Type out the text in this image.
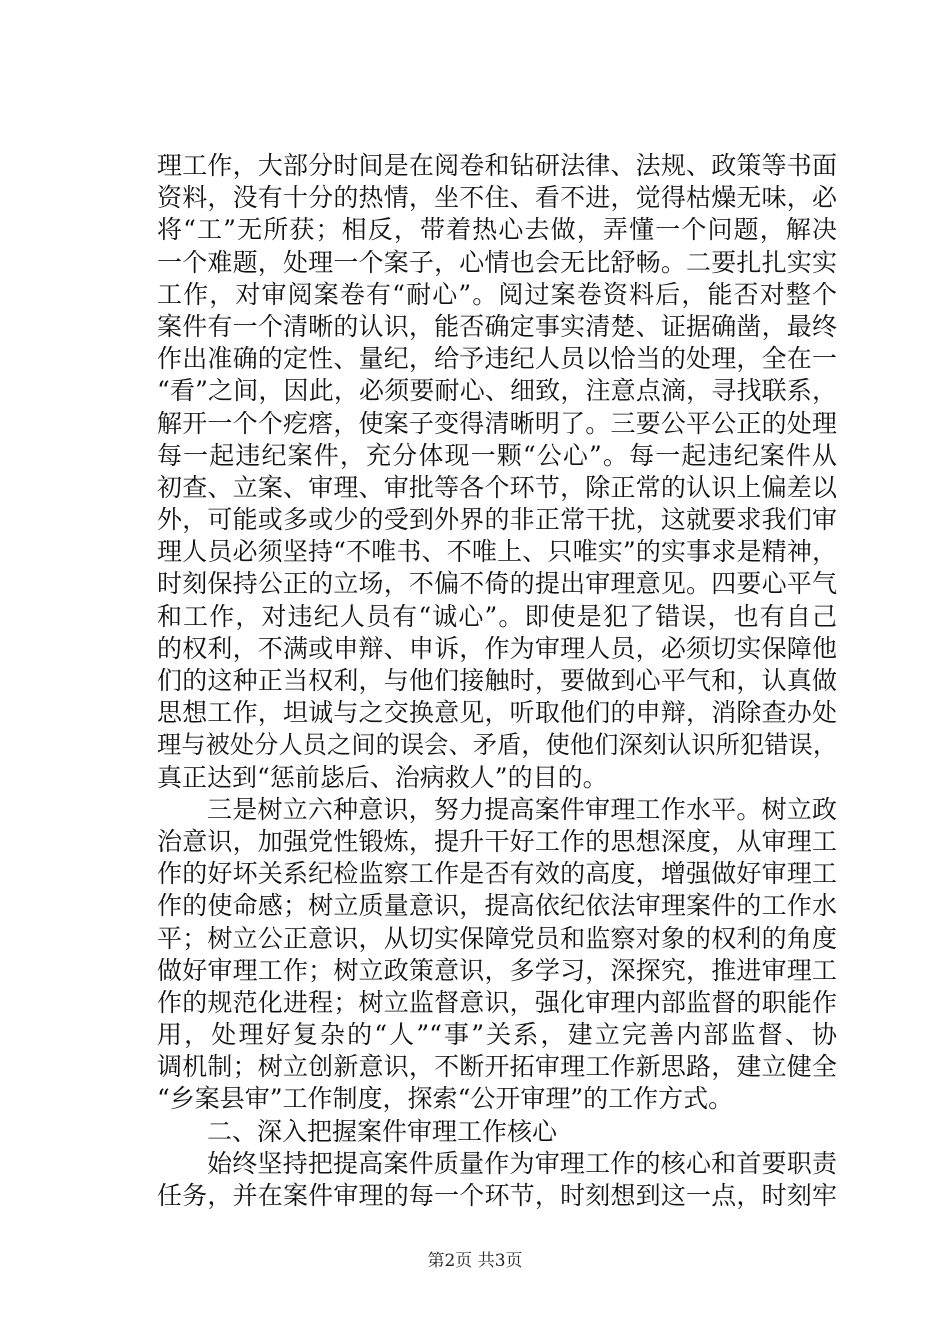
理工作，大部分时间是在阅卷和钻研法律、法规、政策等书面
资料，没有十分的热情，坐不住、看不进，觉得枯燥无味，必
将“工”无所获；相反，带着热心去做，弄懂一个问题，解决
一个难题，处理一个案子，心情也会无比舒畅。二要扎扎实实
工作，对审阅案卷有“耐心”。阅过案卷资料后，能否对整个
案件有一个清晰的认识，能否确定事实清楚、证据确凿，最终
作出准确的定性、量纪，给予违纪人员以恰当的处理，全在一
“看”之间，因此，必须要耐心、细致，注意点滴，寻找联系，
解开一个个疙瘩，使案子变得清晰明了。三要公平公正的处理
每一起违纪案件，充分体现一颗“公心”。每一起违纪案件从
初查、立案、审理、审批等各个环节，除正常的认识上偏差以
外，可能或多或少的受到外界的非正常干扰，这就要求我们审
理人员必须坚持“不唯书、不唯上、只唯实”的实事求是精神，
时刻保持公正的立场，不偏不倚的提出审理意见。四要心平气
和工作，对违纪人员有“诚心”。即使是犯了错误，也有自己
的权利，不满或申辩、申诉，作为审理人员，必须切实保障他
们的这种正当权利，与他们接触时，要做到心平气和，认真做
思想工作，坦诚与之交换意见，听取他们的申辩，消除查办处
理与被处分人员之间的误会、矛盾，使他们深刻认识所犯错误，
真正达到“惩前毖后、治病救人”的目的。
三是树立六种意识，努力提高案件审理工作水平。树立政
治意识，加强党性锻炼，提升干好工作的思想深度，从审理工
作的好坏关系纪检监察工作是否有效的高度，增强做好审理工
作的使命感；树立质量意识，提高依纪依法审理案件的工作水
平；树立公正意识，从切实保障党员和监察对象的权利的角度
做好审理工作；树立政策意识，多学习，深探究，推进审理工
作的规范化进程；树立监督意识，强化审理内部监督的职能作
用，处理好复杂的“人”“事”关系，建立完善内部监督、协
调机制；树立创新意识，不断开拓审理工作新思路，建立健全
“乡案县审”工作制度，探索“公开审理”的工作方式。
二、深入把握案件审理工作核心
始终坚持把提高案件质量作为审理工作的核心和首要职责
任务，并在案件审理的每一个环节，时刻想到这一点，时刻牢
第2页 共3页
